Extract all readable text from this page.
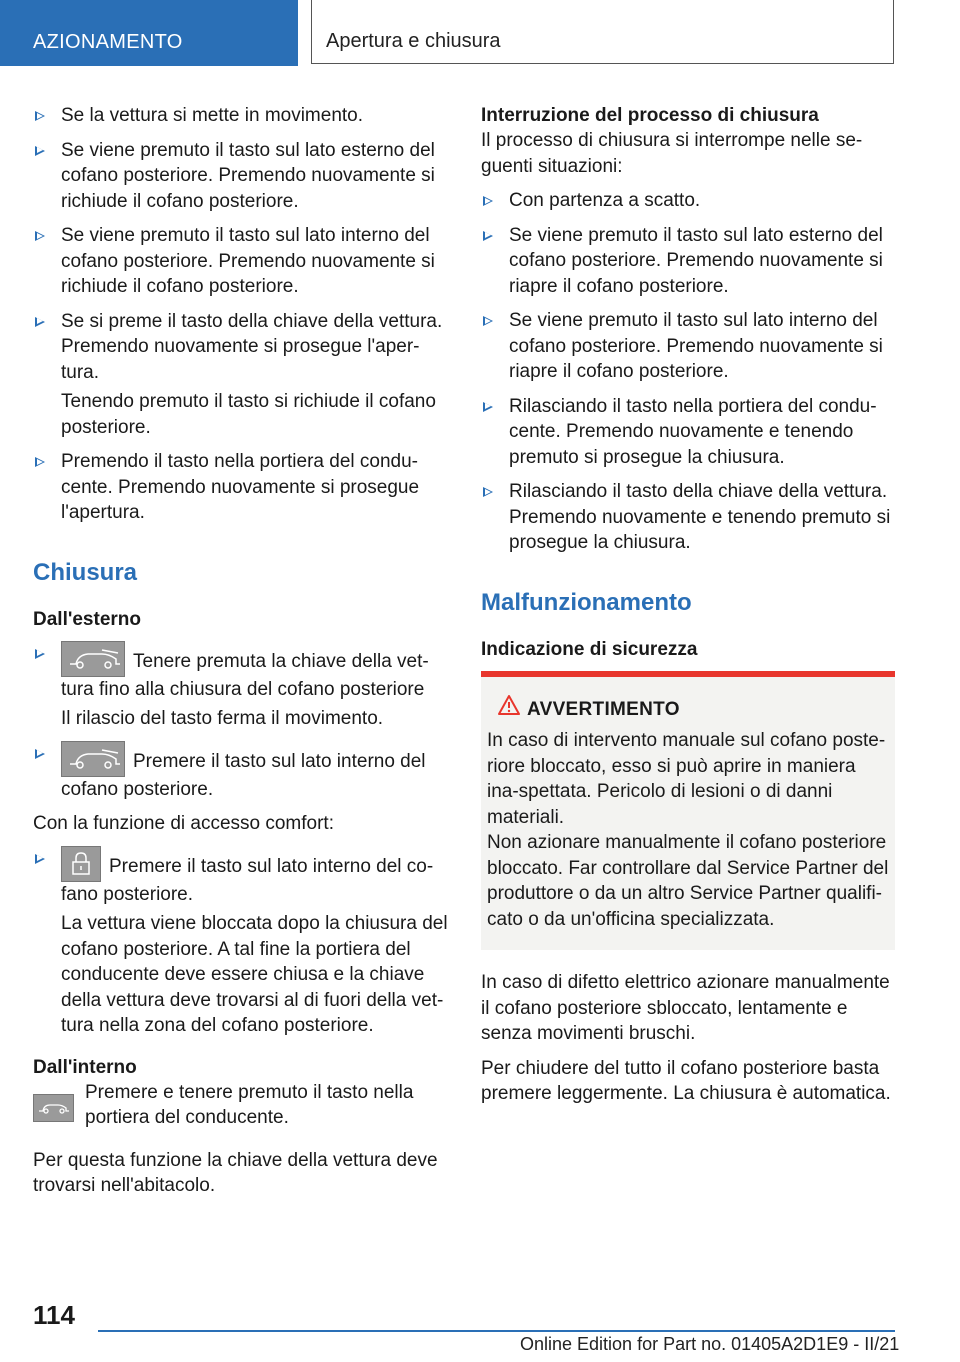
AZIONAMENTO	Apertura e chiusura
Se la vettura si mette in movimento.
Se viene premuto il tasto sul lato esterno del cofano posteriore. Premendo nuovamente si richiude il cofano posteriore.
Se viene premuto il tasto sul lato interno del cofano posteriore. Premendo nuovamente si richiude il cofano posteriore.
Se si preme il tasto della chiave della vettura. Premendo nuovamente si prosegue l'aper-tura.
Tenendo premuto il tasto si richiude il cofano posteriore.
Premendo il tasto nella portiera del condu-cente. Premendo nuovamente si prosegue l'apertura.
Chiusura
Dall'esterno
Tenere premuta la chiave della vet-tura fino alla chiusura del cofano posteriore
Il rilascio del tasto ferma il movimento.
Premere il tasto sul lato interno del cofano posteriore.

Con la funzione di accesso comfort:

Premere il tasto sul lato interno del co-fano posteriore.
La vettura viene bloccata dopo la chiusura del cofano posteriore. A tal fine la portiera del conducente deve essere chiusa e la chiave della vettura deve trovarsi al di fuori della vet-tura nella zona del cofano posteriore.
Dall'interno
Premere e tenere premuto il tasto nella portiera del conducente.

Per questa funzione la chiave della vettura deve trovarsi nell'abitacolo.

Interruzione del processo di chiusura

Il processo di chiusura si interrompe nelle se-guenti situazioni:

Con partenza a scatto.
Se viene premuto il tasto sul lato esterno del cofano posteriore. Premendo nuovamente si riapre il cofano posteriore.
Se viene premuto il tasto sul lato interno del cofano posteriore. Premendo nuovamente si riapre il cofano posteriore.
Rilasciando il tasto nella portiera del condu-cente. Premendo nuovamente e tenendo premuto si prosegue la chiusura.
Rilasciando il tasto della chiave della vettura. Premendo nuovamente e tenendo premuto si prosegue la chiusura.
Malfunzionamento
Indicazione di sicurezza
AVVERTIMENTO

In caso di intervento manuale sul cofano poste-riore bloccato, esso si può aprire in maniera ina-spettata. Pericolo di lesioni o di danni materiali.

Non azionare manualmente il cofano posteriore bloccato. Far controllare dal Service Partner del produttore o da un altro Service Partner qualifi-cato o da un'officina specializzata.

In caso di difetto elettrico azionare manualmente il cofano posteriore sbloccato, lentamente e senza movimenti bruschi.

Per chiudere del tutto il cofano posteriore basta premere leggermente. La chiusura è automatica.

114
Online Edition for Part no. 01405A2D1E9 - II/21
